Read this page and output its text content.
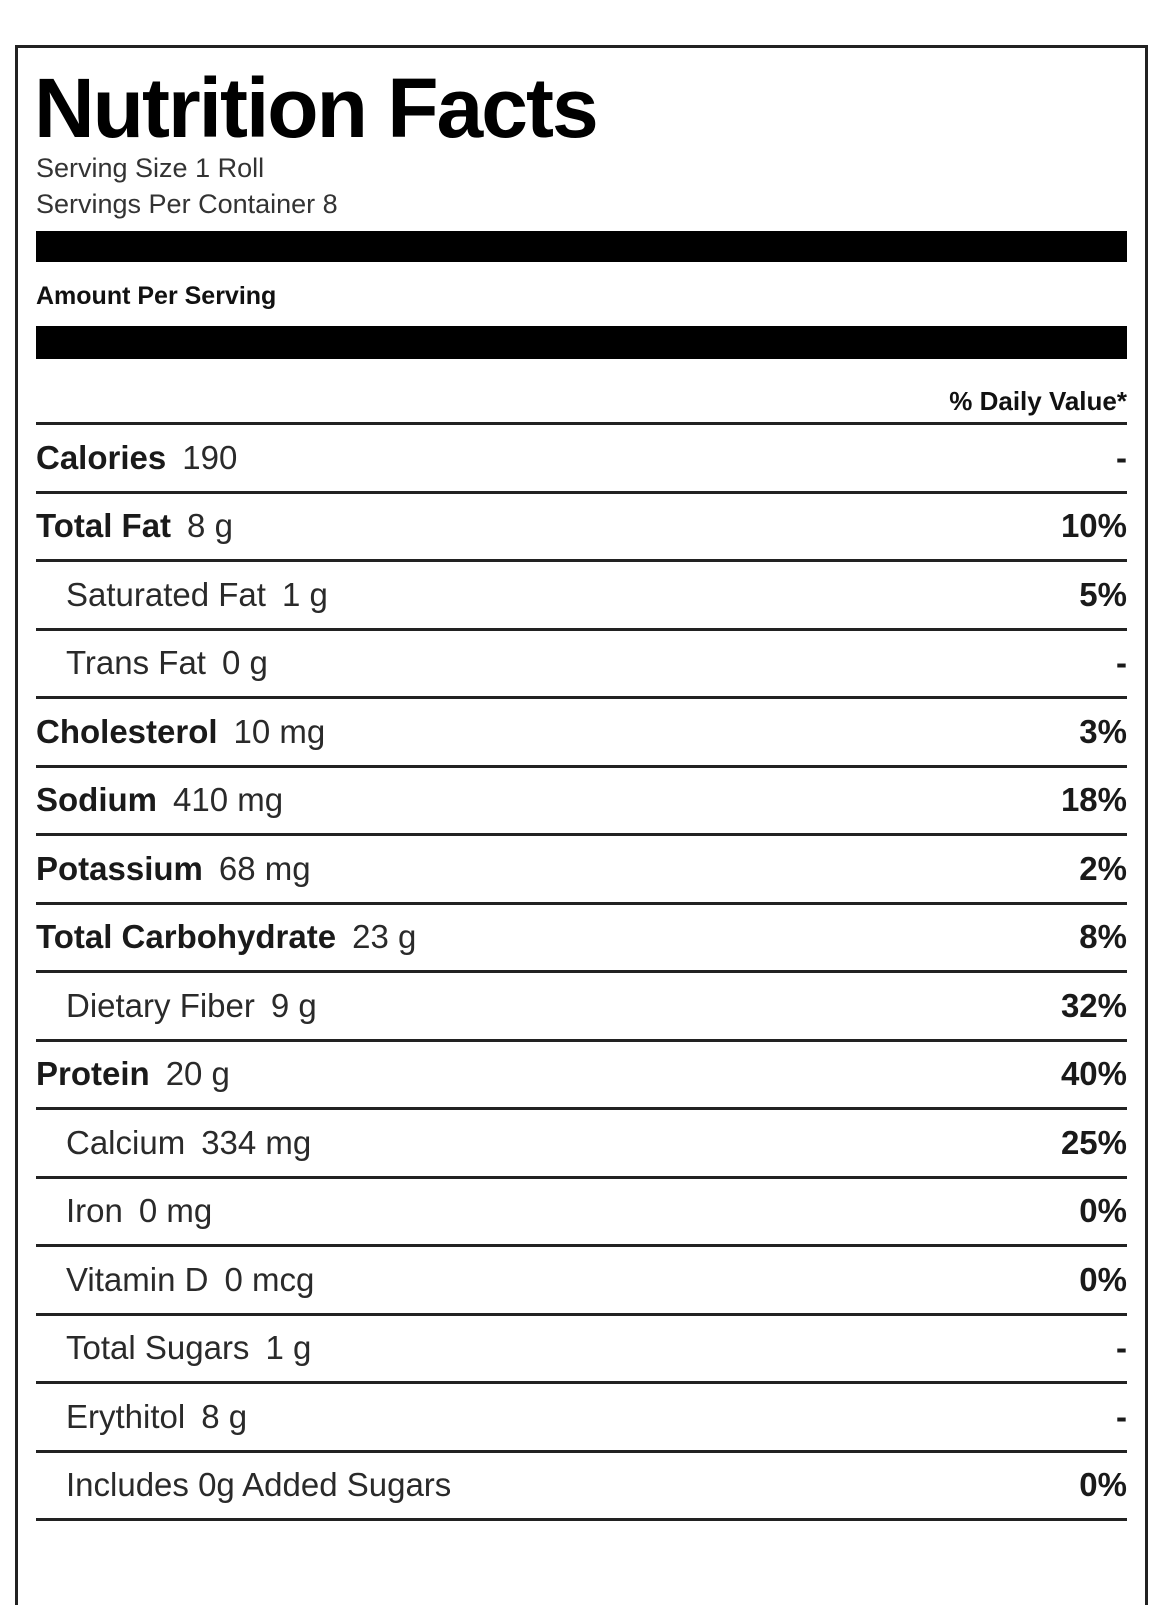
Nutrition Facts
Serving Size 1 Roll
Servings Per Container 8
Amount Per Serving
% Daily Value*
Calories 190	-
Total Fat 8 g	10%
Saturated Fat 1 g	5%
Trans Fat 0 g	-
Cholesterol 10 mg	3%
Sodium 410 mg	18%
Potassium 68 mg	2%
Total Carbohydrate 23 g	8%
Dietary Fiber 9 g	32%
Protein 20 g	40%
Calcium 334 mg	25%
Iron 0 mg	0%
Vitamin D 0 mcg	0%
Total Sugars 1 g	-
Erythitol 8 g	-
Includes 0g Added Sugars	0%
